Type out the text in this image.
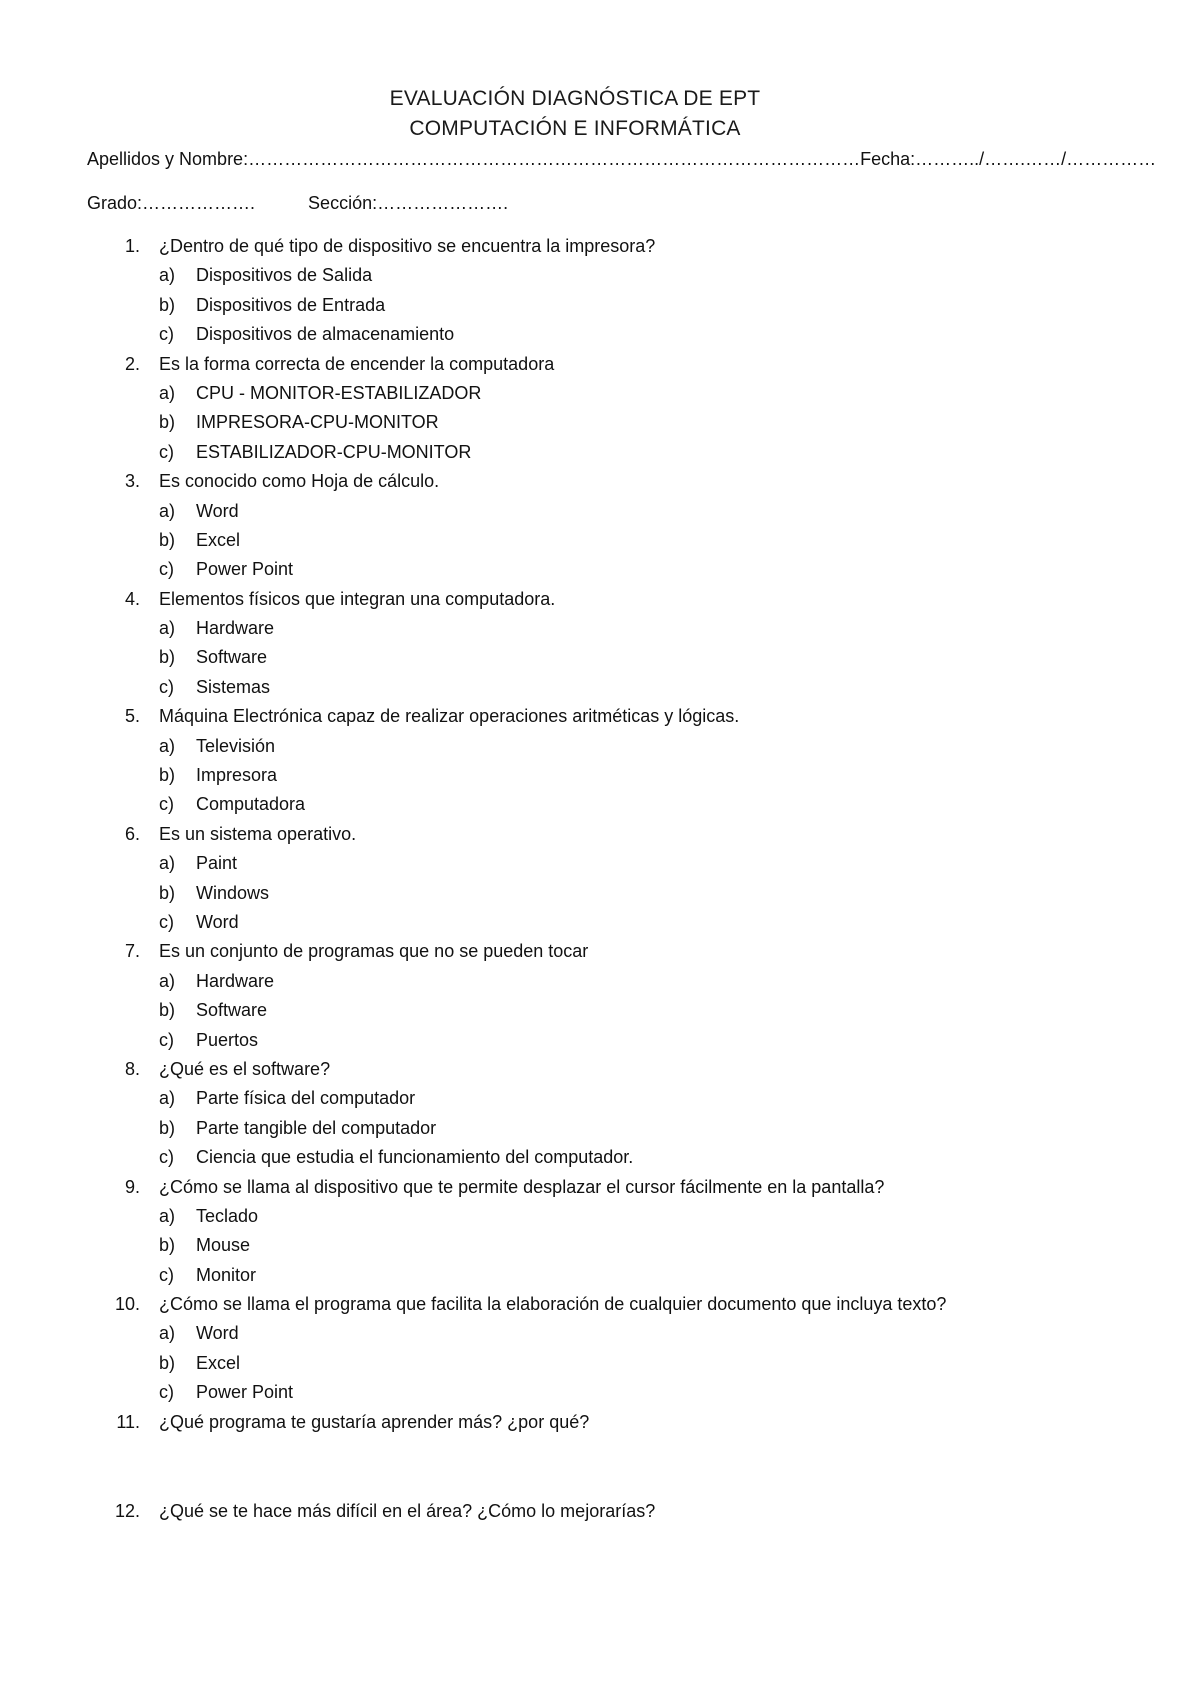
EVALUACIÓN DIAGNÓSTICA DE EPT
COMPUTACIÓN E INFORMÁTICA
Apellidos y Nombre:…………………………………………………………………………………………Fecha:………../…….……/……………
Grado:……………….	Sección:………………….
1. ¿Dentro de qué tipo de dispositivo se encuentra la impresora?
a) Dispositivos de Salida
b) Dispositivos de Entrada
c) Dispositivos de almacenamiento
2. Es la forma correcta de encender la computadora
a) CPU - MONITOR-ESTABILIZADOR
b) IMPRESORA-CPU-MONITOR
c) ESTABILIZADOR-CPU-MONITOR
3. Es conocido como Hoja de cálculo.
a) Word
b) Excel
c) Power Point
4. Elementos físicos que integran una computadora.
a) Hardware
b) Software
c) Sistemas
5. Máquina Electrónica capaz de realizar operaciones aritméticas y lógicas.
a) Televisión
b) Impresora
c) Computadora
6. Es un sistema operativo.
a) Paint
b) Windows
c) Word
7. Es un conjunto de programas que no se pueden tocar
a) Hardware
b) Software
c) Puertos
8. ¿Qué es el software?
a) Parte física del computador
b) Parte tangible del computador
c) Ciencia que estudia el funcionamiento del computador.
9. ¿Cómo se llama al dispositivo que te permite desplazar el cursor fácilmente en la pantalla?
a) Teclado
b) Mouse
c) Monitor
10. ¿Cómo se llama el programa que facilita la elaboración de cualquier documento que incluya texto?
a) Word
b) Excel
c) Power Point
11. ¿Qué programa te gustaría aprender más? ¿por qué?
12. ¿Qué se te hace más difícil en el área? ¿Cómo lo mejorarías?
